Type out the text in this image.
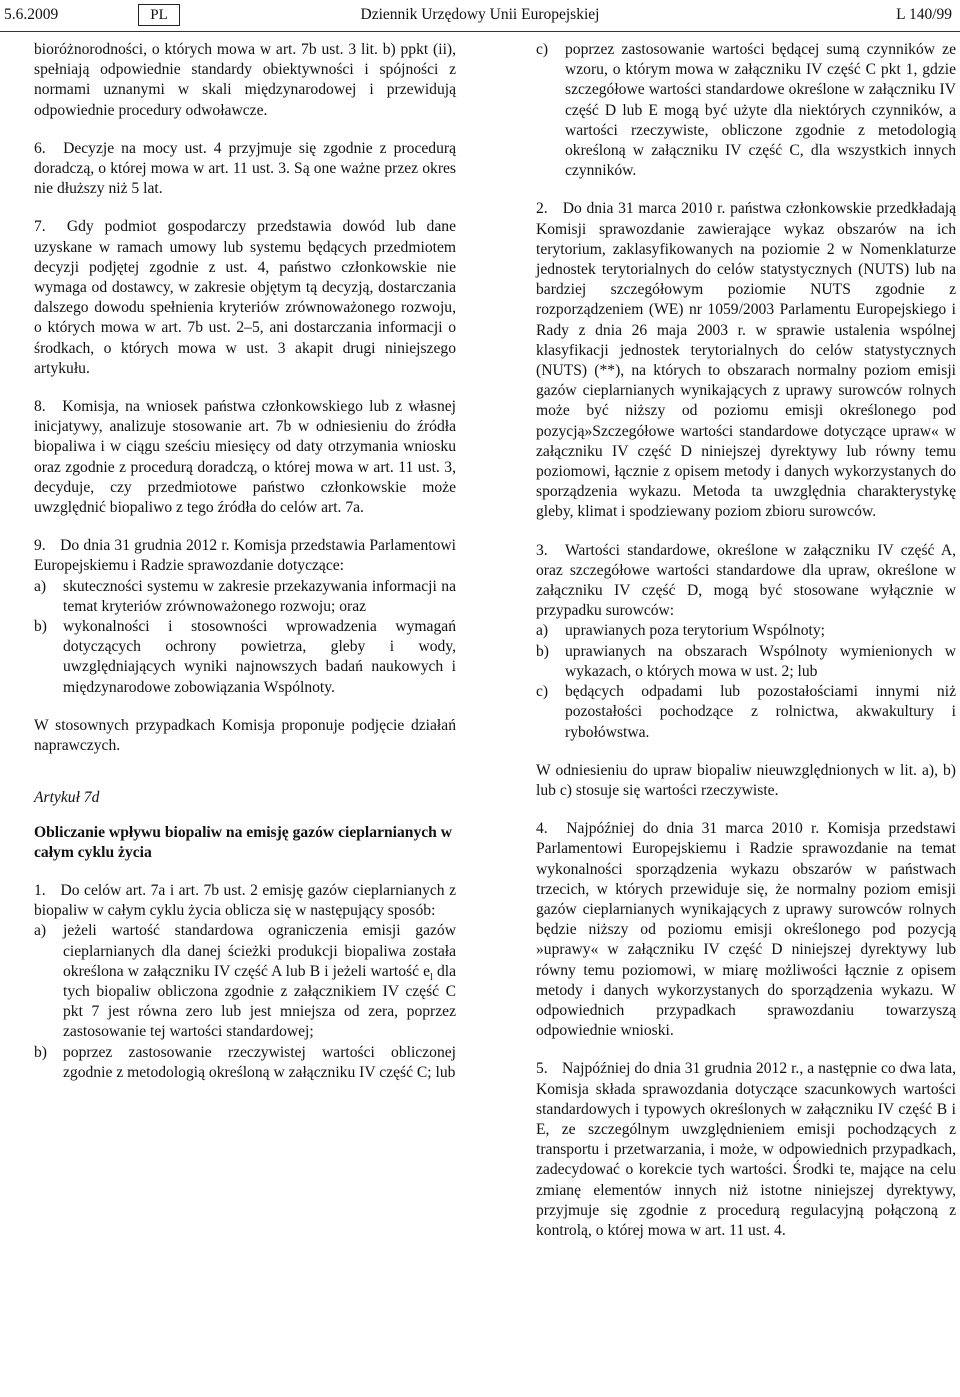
5.6.2009	PL	Dziennik Urzędowy Unii Europejskiej	L 140/99

bioróżnorodności, o których mowa w art. 7b ust. 3 lit. b) ppkt (ii), spełniają odpowiednie standardy obiektywności i spójności z normami uznanymi w skali międzynarodowej i przewidują odpowiednie procedury odwoławcze.

6. Decyzje na mocy ust. 4 przyjmuje się zgodnie z procedurą doradczą, o której mowa w art. 11 ust. 3. Są one ważne przez okres nie dłuższy niż 5 lat.

7. Gdy podmiot gospodarczy przedstawia dowód lub dane uzyskane w ramach umowy lub systemu będących przedmiotem decyzji podjętej zgodnie z ust. 4, państwo członkowskie nie wymaga od dostawcy, w zakresie objętym tą decyzją, dostarczania dalszego dowodu spełnienia kryteriów zrównoważonego rozwoju, o których mowa w art. 7b ust. 2–5, ani dostarczania informacji o środkach, o których mowa w ust. 3 akapit drugi niniejszego artykułu.

8. Komisja, na wniosek państwa członkowskiego lub z własnej inicjatywy, analizuje stosowanie art. 7b w odniesieniu do źródła biopaliwa i w ciągu sześciu miesięcy od daty otrzymania wniosku oraz zgodnie z procedurą doradczą, o której mowa w art. 11 ust. 3, decyduje, czy przedmiotowe państwo członkowskie może uwzględnić biopaliwo z tego źródła do celów art. 7a.

9. Do dnia 31 grudnia 2012 r. Komisja przedstawia Parlamentowi Europejskiemu i Radzie sprawozdanie dotyczące:

a)	skuteczności systemu w zakresie przekazywania informacji na temat kryteriów zrównoważonego rozwoju; oraz
b)	wykonalności i stosowności wprowadzenia wymagań dotyczących ochrony powietrza, gleby i wody, uwzględniających wyniki najnowszych badań naukowych i międzynarodowe zobowiązania Wspólnoty.

W stosownych przypadkach Komisja proponuje podjęcie działań naprawczych.

Artykuł 7d

Obliczanie wpływu biopaliw na emisję gazów cieplarnianych w całym cyklu życia

1. Do celów art. 7a i art. 7b ust. 2 emisję gazów cieplarnianych z biopaliw w całym cyklu życia oblicza się w następujący sposób:

a)	jeżeli wartość standardowa ograniczenia emisji gazów cieplarnianych dla danej ścieżki produkcji biopaliwa została określona w załączniku IV część A lub B i jeżeli wartość $e_l$ dla tych biopaliw obliczona zgodnie z załącznikiem IV część C pkt 7 jest równa zero lub jest mniejsza od zera, poprzez zastosowanie tej wartości standardowej;
b)	poprzez zastosowanie rzeczywistej wartości obliczonej zgodnie z metodologią określoną w załączniku IV część C; lub
c)	poprzez zastosowanie wartości będącej sumą czynników ze wzoru, o którym mowa w załączniku IV część C pkt 1, gdzie szczegółowe wartości standardowe określone w załączniku IV część D lub E mogą być użyte dla niektórych czynników, a wartości rzeczywiste, obliczone zgodnie z metodologią określoną w załączniku IV część C, dla wszystkich innych czynników.

2. Do dnia 31 marca 2010 r. państwa członkowskie przedkładają Komisji sprawozdanie zawierające wykaz obszarów na ich terytorium, zaklasyfikowanych na poziomie 2 w Nomenklaturze jednostek terytorialnych do celów statystycznych (NUTS) lub na bardziej szczegółowym poziomie NUTS zgodnie z rozporządzeniem (WE) nr 1059/2003 Parlamentu Europejskiego i Rady z dnia 26 maja 2003 r. w sprawie ustalenia wspólnej klasyfikacji jednostek terytorialnych do celów statystycznych (NUTS) (**), na których to obszarach normalny poziom emisji gazów cieplarnianych wynikających z uprawy surowców rolnych może być niższy od poziomu emisji określonego pod pozycją»Szczegółowe wartości standardowe dotyczące upraw« w załączniku IV część D niniejszej dyrektywy lub równy temu poziomowi, łącznie z opisem metody i danych wykorzystanych do sporządzenia wykazu. Metoda ta uwzględnia charakterystykę gleby, klimat i spodziewany poziom zbioru surowców.

3. Wartości standardowe, określone w załączniku IV część A, oraz szczegółowe wartości standardowe dla upraw, określone w załączniku IV część D, mogą być stosowane wyłącznie w przypadku surowców:

a)	uprawianych poza terytorium Wspólnoty;
b)	uprawianych na obszarach Wspólnoty wymienionych w wykazach, o których mowa w ust. 2; lub
c)	będących odpadami lub pozostałościami innymi niż pozostałości pochodzące z rolnictwa, akwakultury i rybołówstwa.

W odniesieniu do upraw biopaliw nieuwzględnionych w lit. a), b) lub c) stosuje się wartości rzeczywiste.

4. Najpóźniej do dnia 31 marca 2010 r. Komisja przedstawi Parlamentowi Europejskiemu i Radzie sprawozdanie na temat wykonalności sporządzenia wykazu obszarów w państwach trzecich, w których przewiduje się, że normalny poziom emisji gazów cieplarnianych wynikających z uprawy surowców rolnych będzie niższy od poziomu emisji określonego pod pozycją »uprawy« w załączniku IV część D niniejszej dyrektywy lub równy temu poziomowi, w miarę możliwości łącznie z opisem metody i danych wykorzystanych do sporządzenia wykazu. W odpowiednich przypadkach sprawozdaniu towarzyszą odpowiednie wnioski.

5. Najpóźniej do dnia 31 grudnia 2012 r., a następnie co dwa lata, Komisja składa sprawozdania dotyczące szacunkowych wartości standardowych i typowych określonych w załączniku IV część B i E, ze szczególnym uwzględnieniem emisji pochodzących z transportu i przetwarzania, i może, w odpowiednich przypadkach, zadecydować o korekcie tych wartości. Środki te, mające na celu zmianę elementów innych niż istotne niniejszej dyrektywy, przyjmuje się zgodnie z procedurą regulacyjną połączoną z kontrolą, o której mowa w art. 11 ust. 4.
